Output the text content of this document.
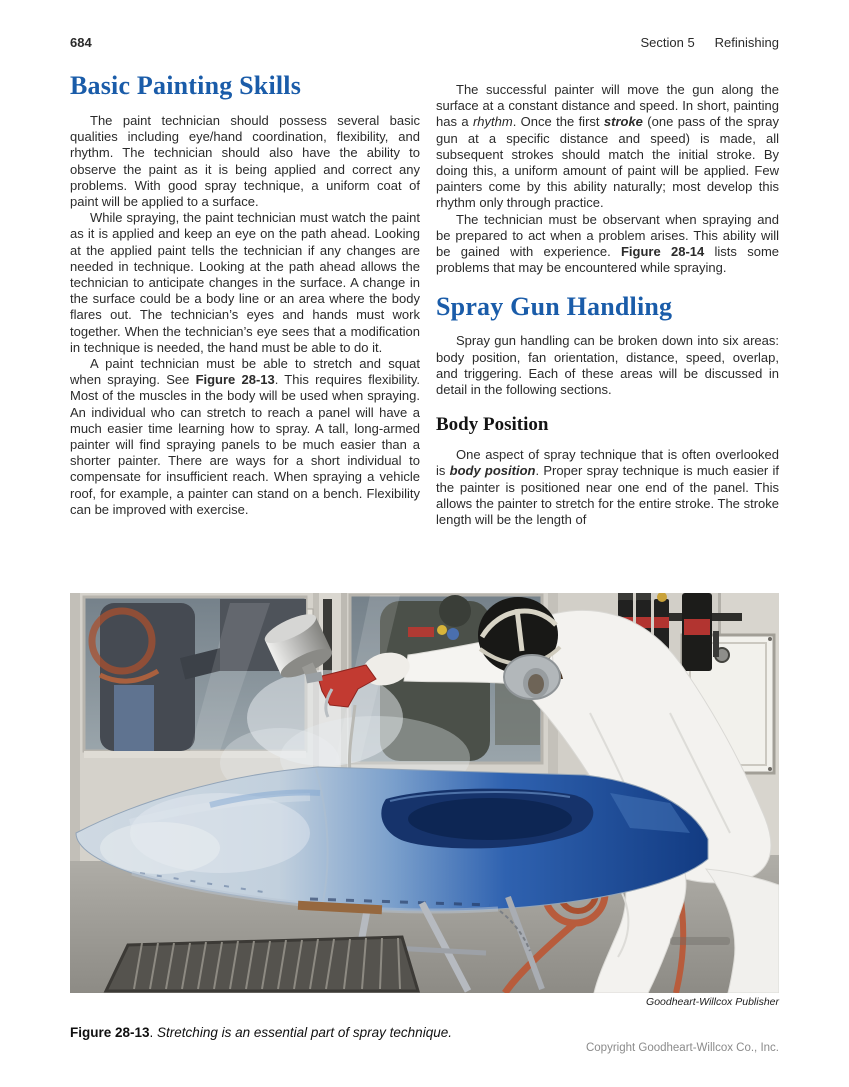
684	Section 5 Refinishing
Basic Painting Skills

The paint technician should possess several basic qualities including eye/hand coordination, flexibility, and rhythm. The technician should also have the ability to observe the paint as it is being applied and correct any problems. With good spray technique, a uniform coat of paint will be applied to a surface.

While spraying, the paint technician must watch the paint as it is applied and keep an eye on the path ahead. Looking at the applied paint tells the technician if any changes are needed in technique. Looking at the path ahead allows the technician to anticipate changes in the surface. A change in the surface could be a body line or an area where the body flares out. The technician’s eyes and hands must work together. When the technician’s eye sees that a modification in technique is needed, the hand must be able to do it.

A paint technician must be able to stretch and squat when spraying. See Figure 28-13. This requires flexibility. Most of the muscles in the body will be used when spraying. An individual who can stretch to reach a panel will have a much easier time learning how to spray. A tall, long-armed painter will find spraying panels to be much easier than a shorter painter. There are ways for a short individual to compensate for insufficient reach. When spraying a vehicle roof, for example, a painter can stand on a bench. Flexibility can be improved with exercise.

The successful painter will move the gun along the surface at a constant distance and speed. In short, painting has a rhythm. Once the first stroke (one pass of the spray gun at a specific distance and speed) is made, all subsequent strokes should match the initial stroke. By doing this, a uniform amount of paint will be applied. Few painters come by this ability naturally; most develop this rhythm only through practice.

The technician must be observant when spraying and be prepared to act when a problem arises. This ability will be gained with experience. Figure 28-14 lists some problems that may be encountered while spraying.

Spray Gun Handling

Spray gun handling can be broken down into six areas: body position, fan orientation, distance, speed, overlap, and triggering. Each of these areas will be discussed in detail in the following sections.

Body Position

One aspect of spray technique that is often overlooked is body position. Proper spray technique is much easier if the painter is positioned near one end of the panel. This allows the painter to stretch for the entire stroke. The stroke length will be the length of

Goodheart-Willcox Publisher

Figure 28-13. Stretching is an essential part of spray technique.

Copyright Goodheart-Willcox Co., Inc.
